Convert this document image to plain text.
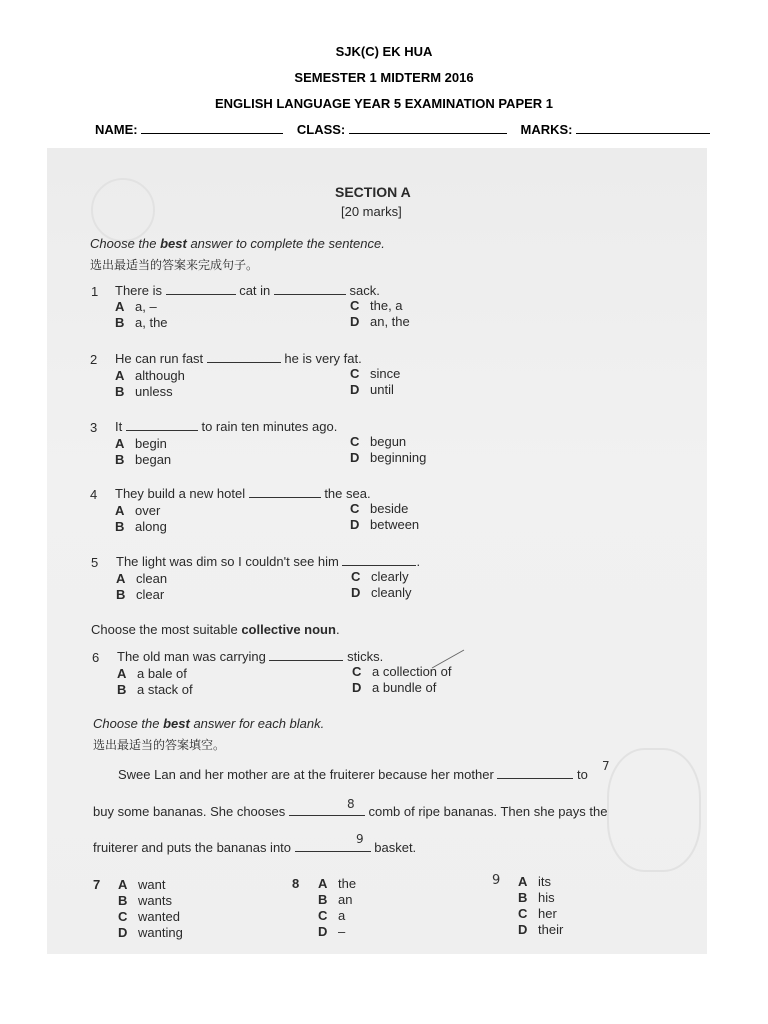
SJK(C) EK HUA
SEMESTER 1 MIDTERM 2016
ENGLISH LANGUAGE YEAR 5 EXAMINATION PAPER 1
NAME:	CLASS:	MARKS:
SECTION A
[20 marks]
Choose the best answer to complete the sentence.
选出最适当的答案来完成句子。
1 There is	cat in	sack.
A a, –
B a, the
C the, a
D an, the
2 He can run fast	he is very fat.
A although
B unless
C since
D until
3 It	to rain ten minutes ago.
A begin
B began
C begun
D beginning
4 They build a new hotel	the sea.
A over
B along
C beside
D between
5 The light was dim so I couldn't see him	.
A clean
B clear
C clearly
D cleanly
Choose the most suitable collective noun.
6 The old man was carrying	sticks.
A a bale of
B a stack of
C a collection of
D a bundle of
Choose the best answer for each blank.
选出最适当的答案填空。
Swee Lan and her mother are at the fruiterer because her mother	to
7
buy some bananas. She chooses	comb of ripe bananas. Then she pays the
8
fruiterer and puts the bananas into	basket.
9
7 A want
B wants
C wanted
D wanting
8 A the
B an
C a
D –
9 A its
B his
C her
D their
